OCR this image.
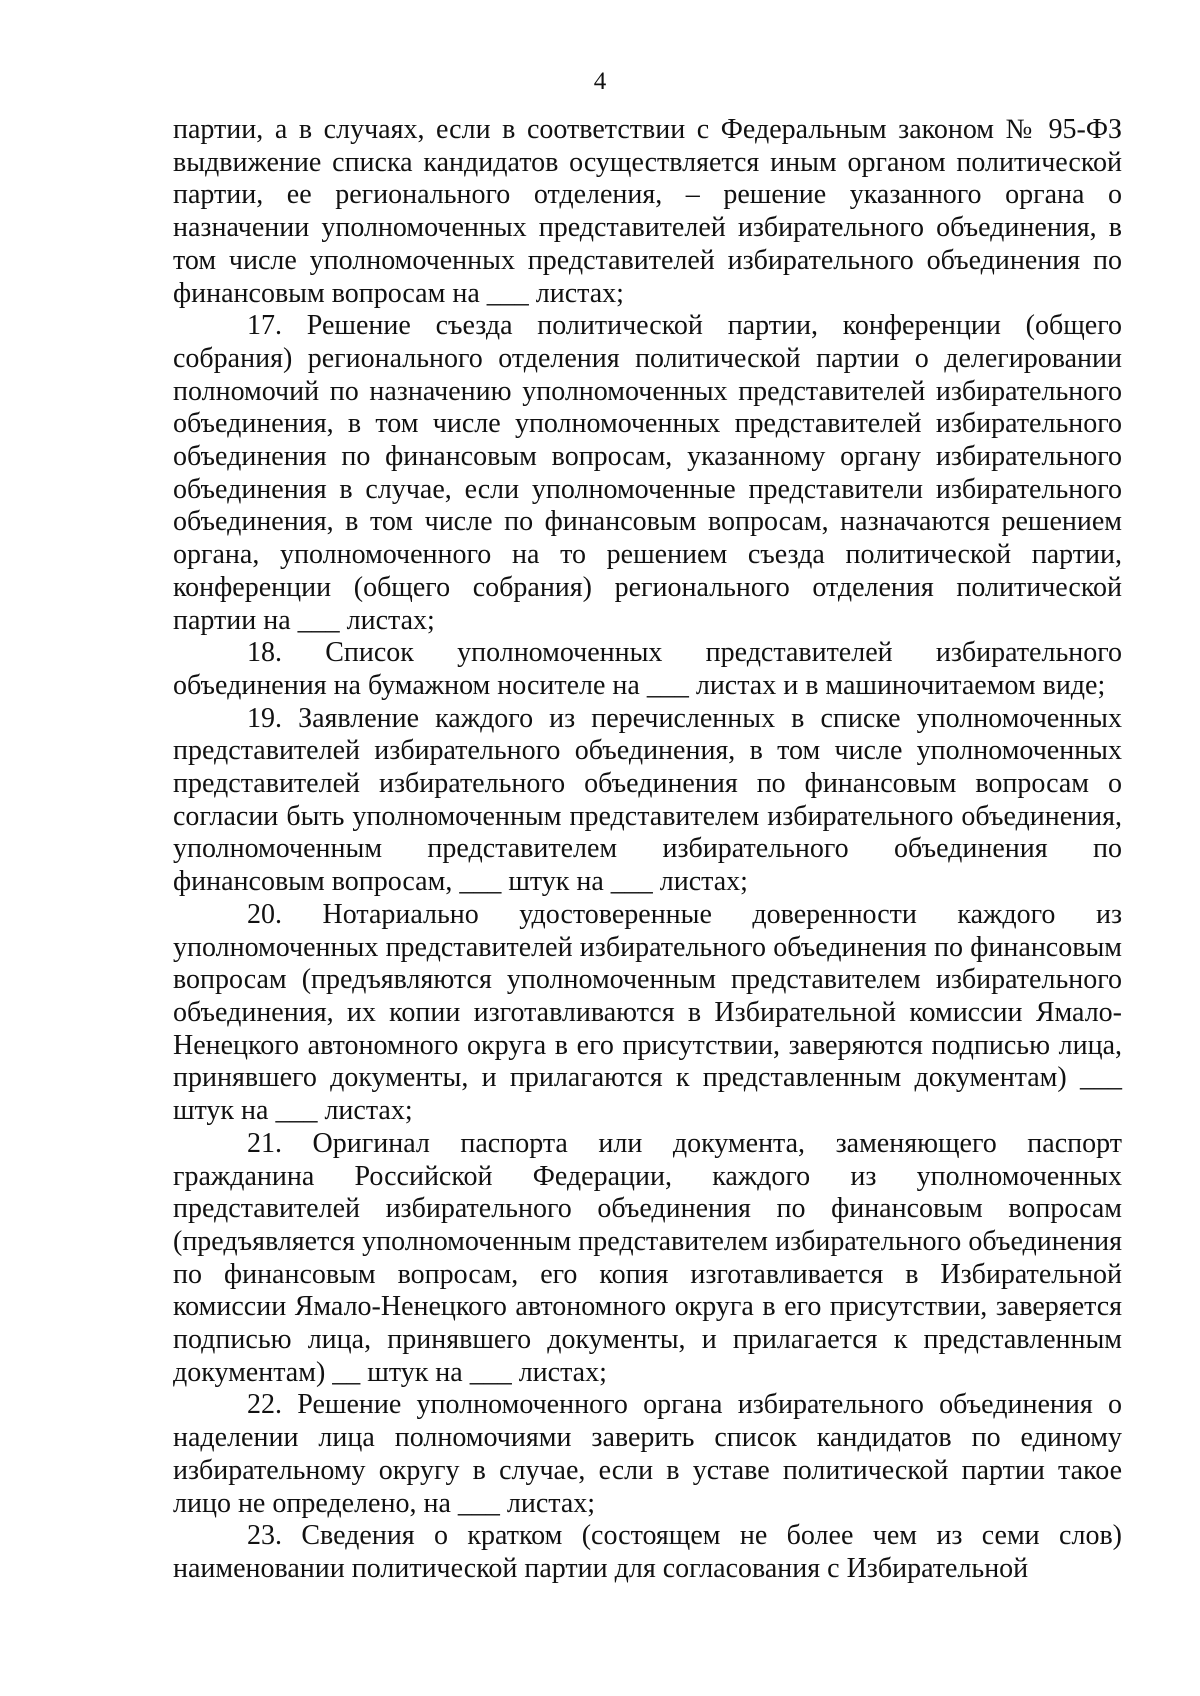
4

партии, а в случаях, если в соответствии с Федеральным законом № 95-ФЗ выдвижение списка кандидатов осуществляется иным органом политической партии, ее регионального отделения, – решение указанного органа о назначении уполномоченных представителей избирательного объединения, в том числе уполномоченных представителей избирательного объединения по финансовым вопросам на ___ листах;

17. Решение съезда политической партии, конференции (общего собрания) регионального отделения политической партии о делегировании полномочий по назначению уполномоченных представителей избирательного объединения, в том числе уполномоченных представителей избирательного объединения по финансовым вопросам, указанному органу избирательного объединения в случае, если уполномоченные представители избирательного объединения, в том числе по финансовым вопросам, назначаются решением органа, уполномоченного на то решением съезда политической партии, конференции (общего собрания) регионального отделения политической партии на ___ листах;

18. Список уполномоченных представителей избирательного объединения на бумажном носителе на ___ листах и в машиночитаемом виде;

19. Заявление каждого из перечисленных в списке уполномоченных представителей избирательного объединения, в том числе уполномоченных представителей избирательного объединения по финансовым вопросам о согласии быть уполномоченным представителем избирательного объединения, уполномоченным представителем избирательного объединения по финансовым вопросам, ___ штук на ___ листах;

20. Нотариально удостоверенные доверенности каждого из уполномоченных представителей избирательного объединения по финансовым вопросам (предъявляются уполномоченным представителем избирательного объединения, их копии изготавливаются в Избирательной комиссии Ямало-Ненецкого автономного округа в его присутствии, заверяются подписью лица, принявшего документы, и прилагаются к представленным документам) ___ штук на ___ листах;

21. Оригинал паспорта или документа, заменяющего паспорт гражданина Российской Федерации, каждого из уполномоченных представителей избирательного объединения по финансовым вопросам (предъявляется уполномоченным представителем избирательного объединения по финансовым вопросам, его копия изготавливается в Избирательной комиссии Ямало-Ненецкого автономного округа в его присутствии, заверяется подписью лица, принявшего документы, и прилагается к представленным документам) __ штук на ___ листах;

22. Решение уполномоченного органа избирательного объединения о наделении лица полномочиями заверить список кандидатов по единому избирательному округу в случае, если в уставе политической партии такое лицо не определено, на ___ листах;

23. Сведения о кратком (состоящем не более чем из семи слов) наименовании политической партии для согласования с Избирательной
